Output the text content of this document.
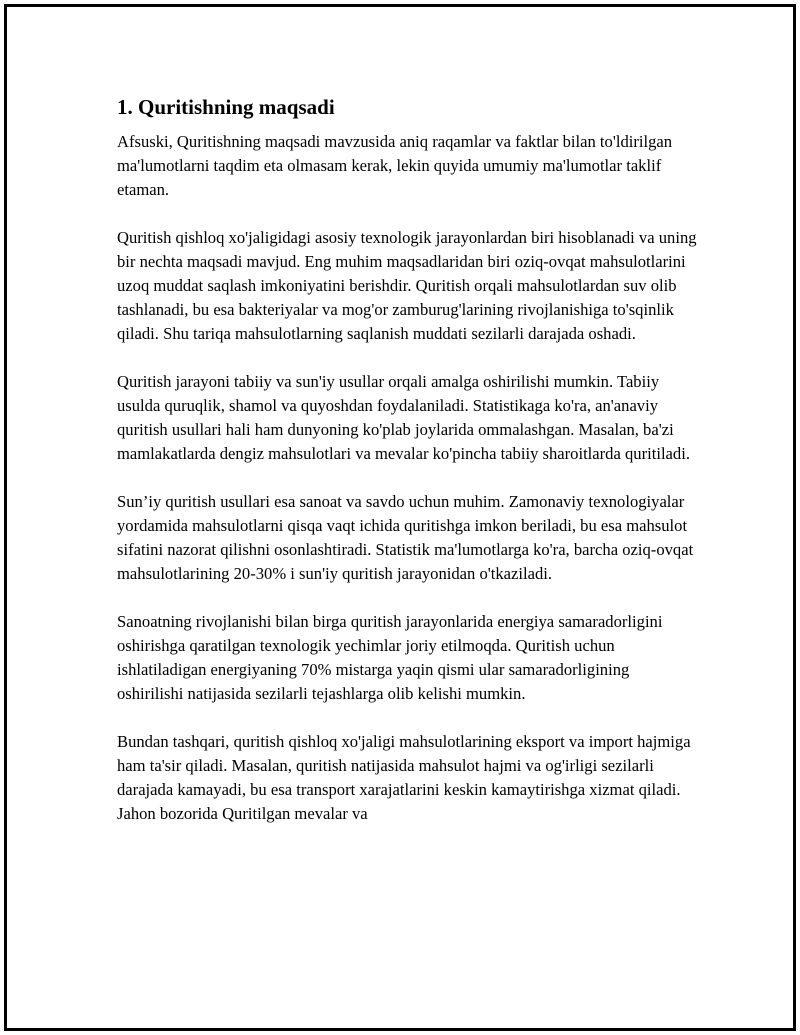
1. Quritishning maqsadi

Afsuski, Quritishning maqsadi mavzusida aniq raqamlar va faktlar bilan to'ldirilgan ma'lumotlarni taqdim eta olmasam kerak, lekin quyida umumiy ma'lumotlar taklif etaman.

Quritish qishloq xo'jaligidagi asosiy texnologik jarayonlardan biri hisoblanadi va uning bir nechta maqsadi mavjud. Eng muhim maqsadlaridan biri oziq-ovqat mahsulotlarini uzoq muddat saqlash imkoniyatini berishdir. Quritish orqali mahsulotlardan suv olib tashlanadi, bu esa bakteriyalar va mog'or zamburug'larining rivojlanishiga to'sqinlik qiladi. Shu tariqa mahsulotlarning saqlanish muddati sezilarli darajada oshadi.

Quritish jarayoni tabiiy va sun'iy usullar orqali amalga oshirilishi mumkin. Tabiiy usulda quruqlik, shamol va quyoshdan foydalaniladi. Statistikaga ko'ra, an'anaviy quritish usullari hali ham dunyoning ko'plab joylarida ommalashgan. Masalan, ba'zi mamlakatlarda dengiz mahsulotlari va mevalar ko'pincha tabiiy sharoitlarda quritiladi.

Sun’iy quritish usullari esa sanoat va savdo uchun muhim. Zamonaviy texnologiyalar yordamida mahsulotlarni qisqa vaqt ichida quritishga imkon beriladi, bu esa mahsulot sifatini nazorat qilishni osonlashtiradi. Statistik ma'lumotlarga ko'ra, barcha oziq-ovqat mahsulotlarining 20-30% i sun'iy quritish jarayonidan o'tkaziladi.

Sanoatning rivojlanishi bilan birga quritish jarayonlarida energiya samaradorligini oshirishga qaratilgan texnologik yechimlar joriy etilmoqda. Quritish uchun ishlatiladigan energiyaning 70% mistarga yaqin qismi ular samaradorligining oshirilishi natijasida sezilarli tejashlarga olib kelishi mumkin.

Bundan tashqari, quritish qishloq xo'jaligi mahsulotlarining eksport va import hajmiga ham ta'sir qiladi. Masalan, quritish natijasida mahsulot hajmi va og'irligi sezilarli darajada kamayadi, bu esa transport xarajatlarini keskin kamaytirishga xizmat qiladi. Jahon bozorida Quritilgan mevalar va
